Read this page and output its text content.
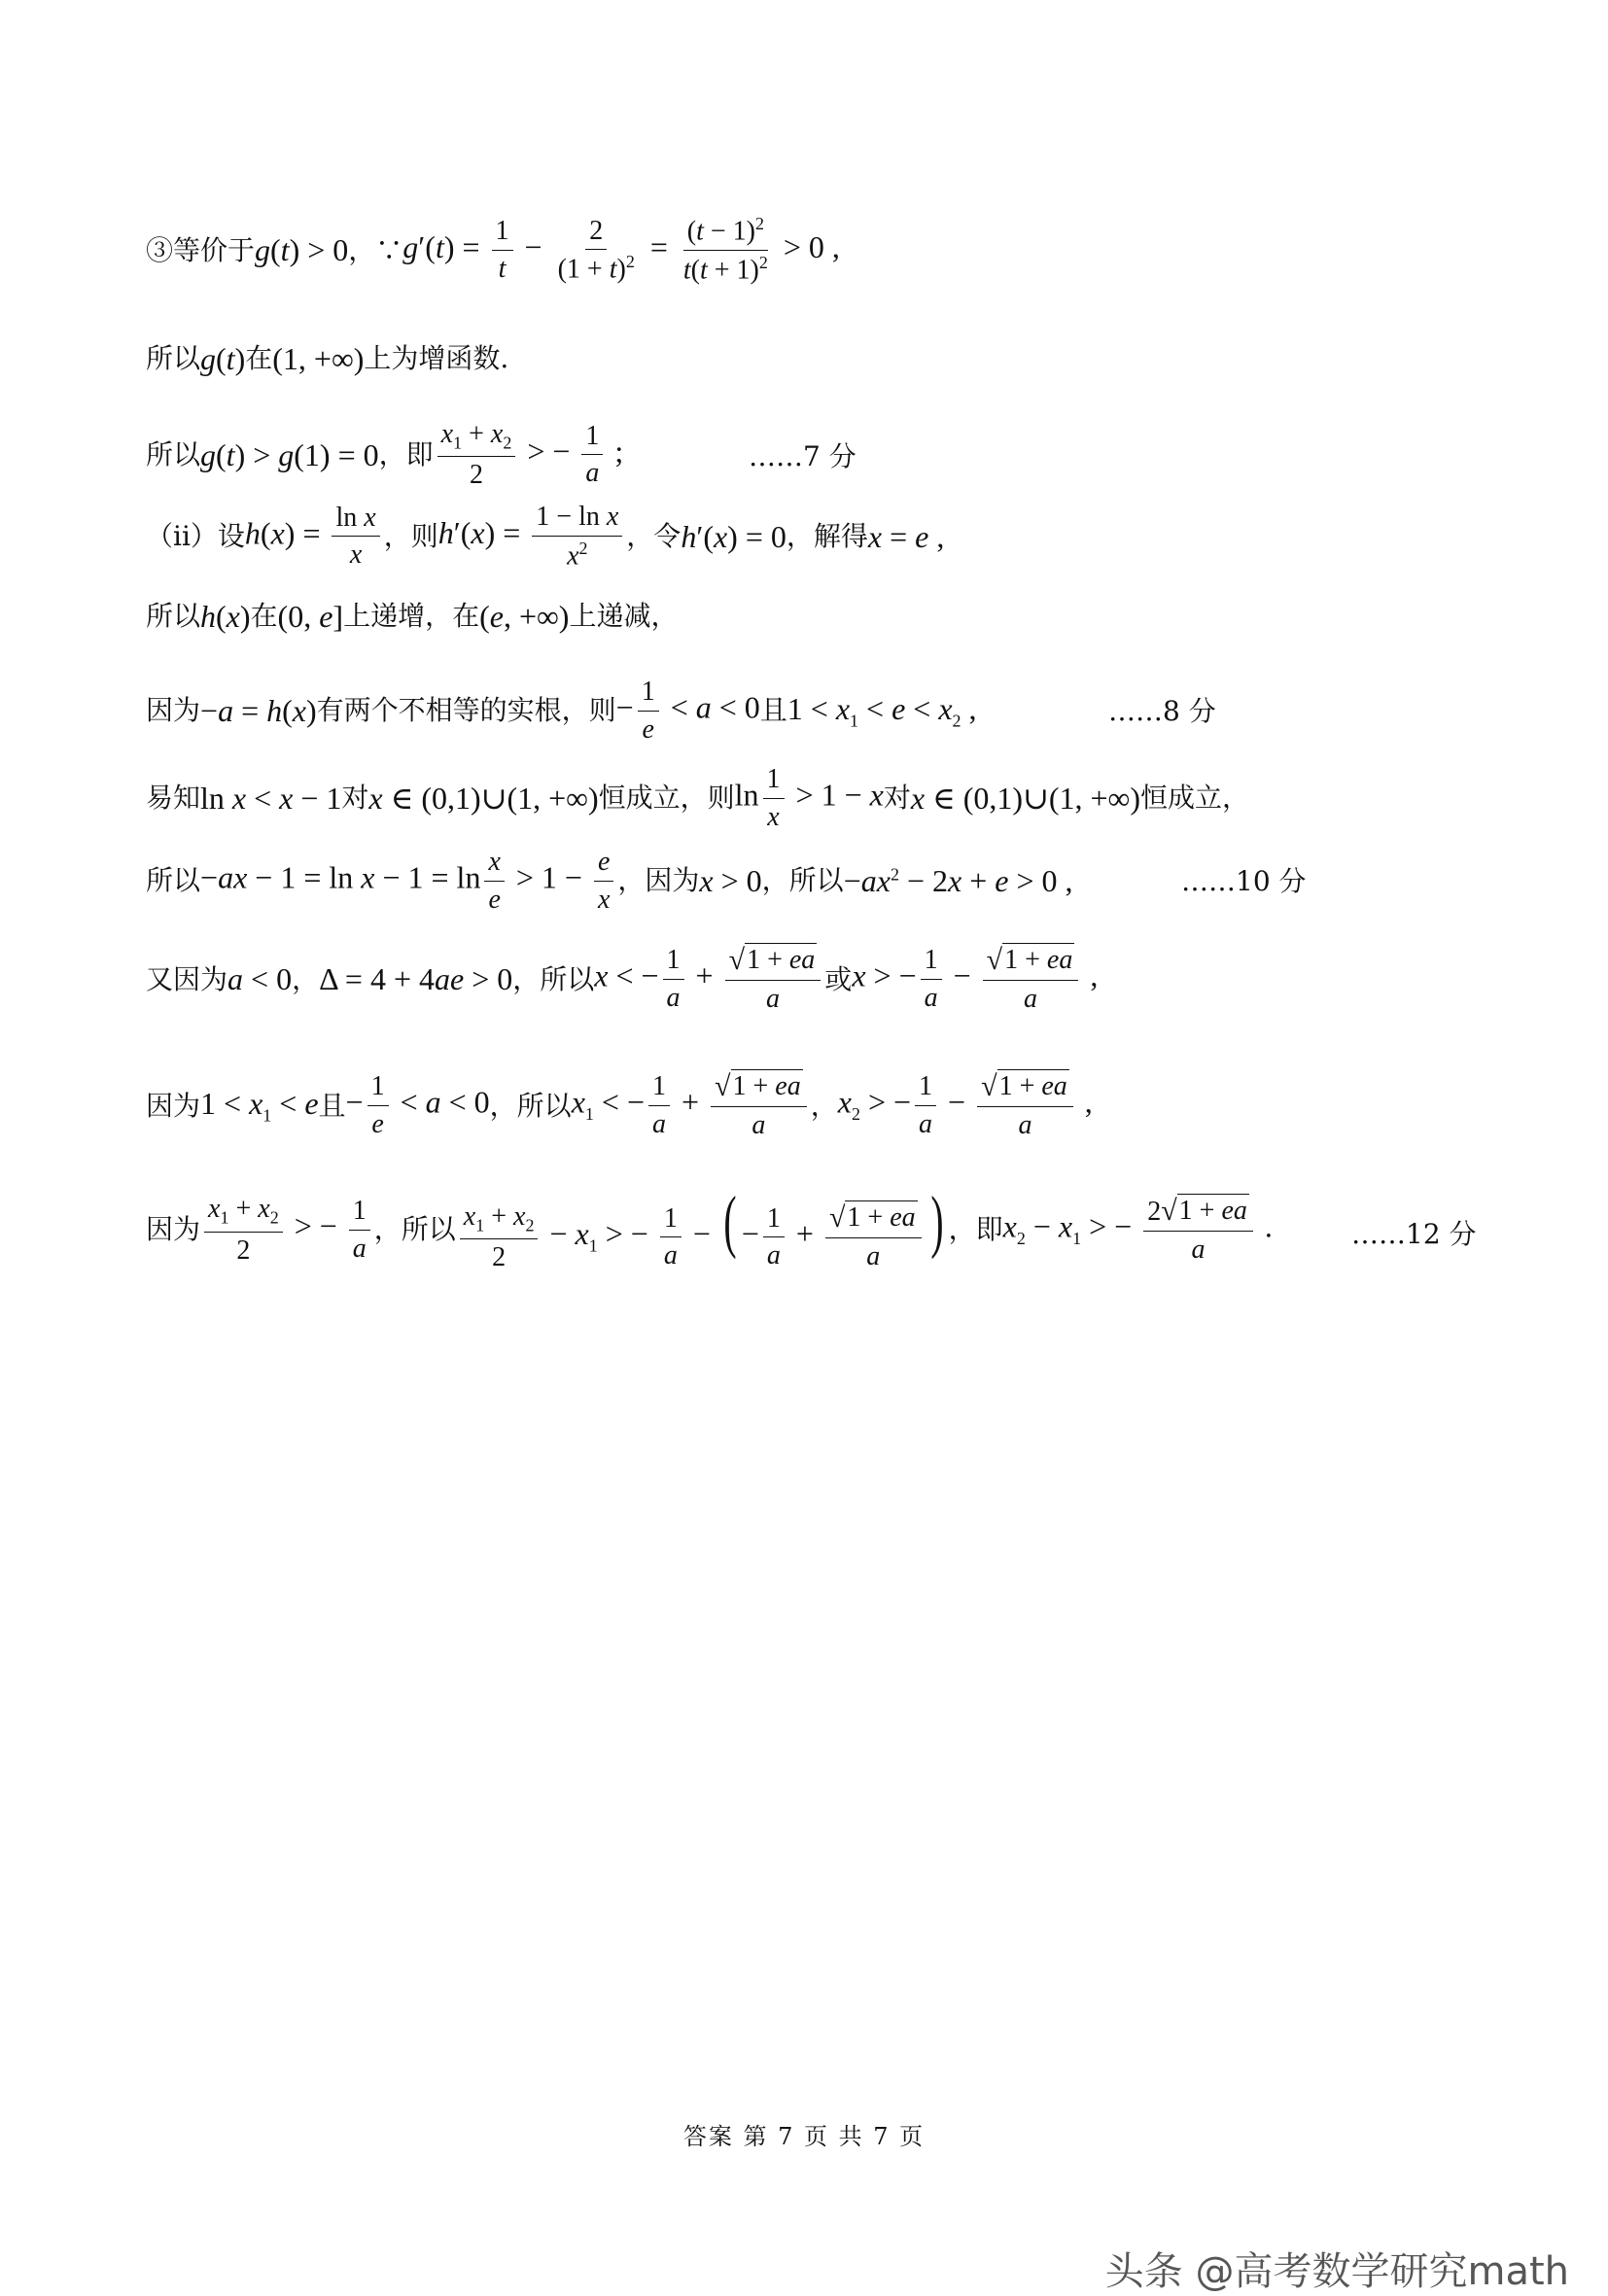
③等价于 g(t) > 0 ，∵ $g'(t) = \frac{1}{t} - \frac{2}{(1 + t)^2} = \frac{(t - 1)^2}{t(t + 1)^2} > 0$ ,
所以 g(t) 在 (1, +∞) 上为增函数.
所以 g(t) > g(1) = 0 ，即 $\frac{x_1 + x_2}{2}$ > − $\frac{1}{a}$ ;	……7 分
（ii）设 $h(x) = \frac{\text{ln x}}{x}$ ，则 $h'(x) = \frac{\text{1 − ln x}}{x^2}$ ，令 h′(x) = 0 ，解得 x = e ,
所以 h(x) 在 (0, e] 上递增，在 (e, +∞) 上递减，
因为 −a = h(x) 有两个不相等的实根，则 − $\frac{1}{e} < a < 0$ 且 $1 < x_1 < e < x_2$ ,	……8 分
易知 ln x < x − 1 对 x ∈ (0,1)∪(1, +∞) 恒成立，则 $\ln \frac{1}{x} > 1 - x$ 对 x ∈ (0,1)∪(1, +∞) 恒成立，
所以 $-ax - 1 = \ln x - 1 = \ln \frac{x}{e} > 1 - \frac{e}{x}$ ，因为 x > 0 ，所以 $-ax^2 - 2x + e > 0$ ,	……10 分
又因为 a < 0 ， Δ = 4 + 4ae > 0 ，所以 x < − $\frac{1}{a} + \frac{√ 1 + ea}{a}$ 或 x > − $\frac{1}{a} - \frac{√ 1 + ea}{a}$ ,
因为 $1 < x_1 < e$ 且 − $\frac{1}{e} < a < 0$ ，所以 $x_1$ < − $\frac{1}{a} + \frac{√ 1 + ea}{a}$ ， $x_2$ > − $\frac{1}{a} - \frac{√ 1 + ea}{a}$ ,
因为 $\frac{x_1 + x_2}{2}$ > − $\frac{1}{a}$ ，所以 $\frac{x_1 + x_2}{2} - x_1$ > − $\frac{1}{a}$ − ( − $\frac{1}{a} + \frac{√ 1 + ea}{a}$ ) ，即 $x_2 - x_1$ > − $\frac{2 √ 1 + ea}{a}$ .	……12 分
答案 第 7 页 共 7 页
头条 @高考数学研究math
